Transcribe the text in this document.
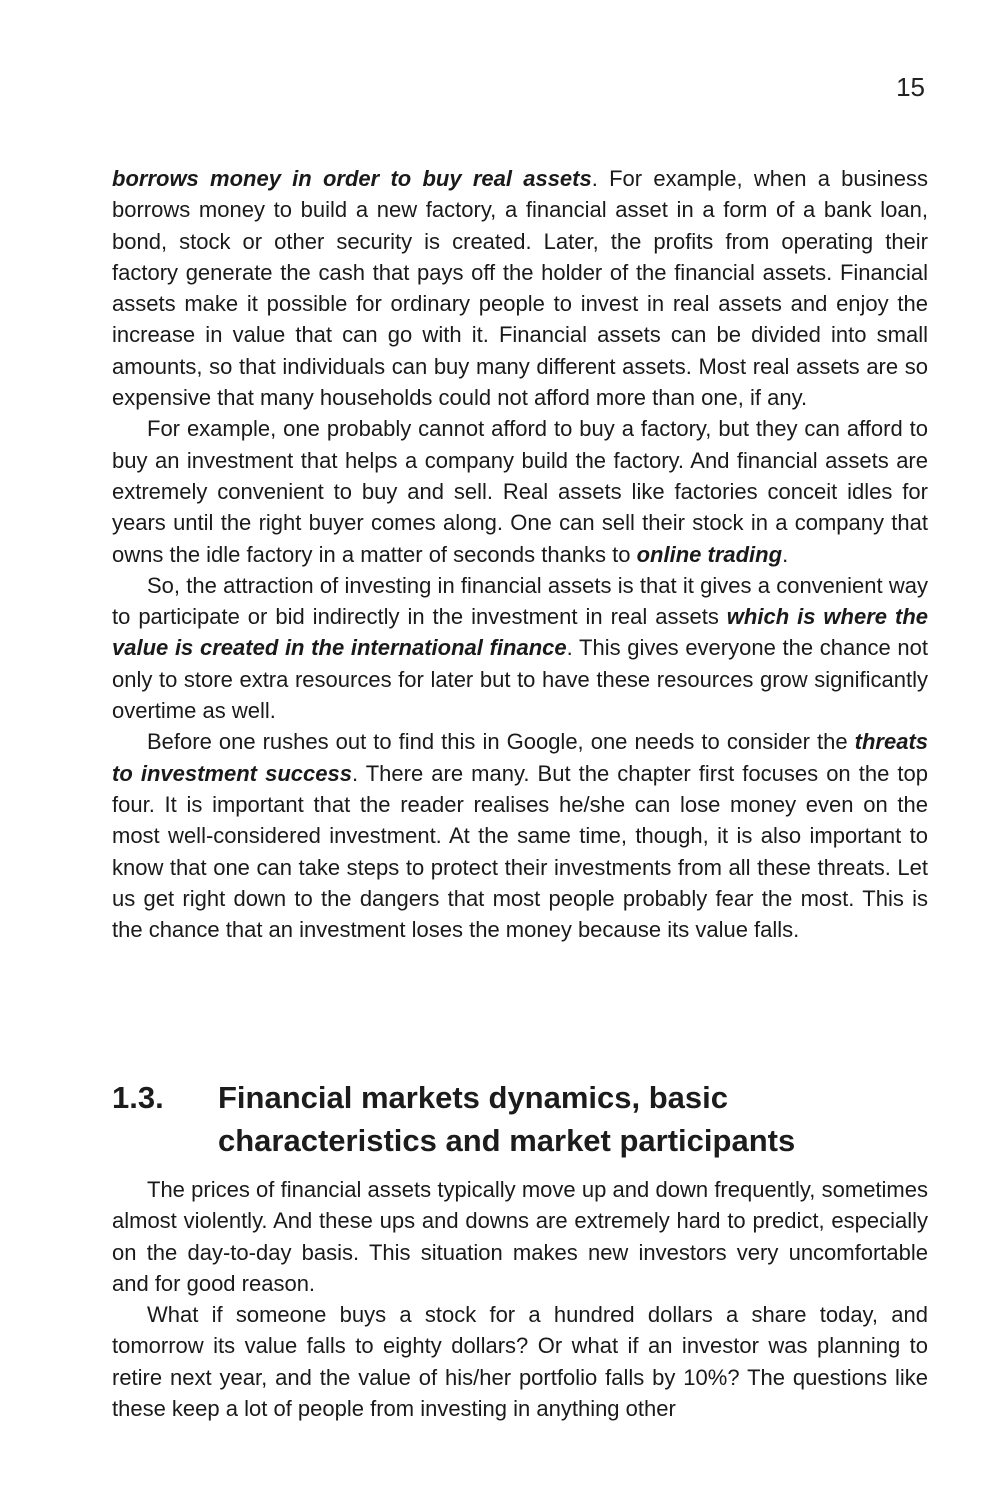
15

borrows money in order to buy real assets. For example, when a business borrows money to build a new factory, a financial asset in a form of a bank loan, bond, stock or other security is created. Later, the profits from operating their factory generate the cash that pays off the holder of the financial assets. Financial assets make it possible for ordinary people to invest in real assets and enjoy the increase in value that can go with it. Financial assets can be divided into small amounts, so that individuals can buy many different assets. Most real assets are so expensive that many households could not afford more than one, if any.

For example, one probably cannot afford to buy a factory, but they can afford to buy an investment that helps a company build the factory. And financial assets are extremely convenient to buy and sell. Real assets like factories conceit idles for years until the right buyer comes along. One can sell their stock in a company that owns the idle factory in a matter of seconds thanks to online trading.

So, the attraction of investing in financial assets is that it gives a convenient way to participate or bid indirectly in the investment in real assets which is where the value is created in the international finance. This gives everyone the chance not only to store extra resources for later but to have these resources grow significantly overtime as well.

Before one rushes out to find this in Google, one needs to consider the threats to investment success. There are many. But the chapter first focuses on the top four. It is important that the reader realises he/she can lose money even on the most well-considered investment. At the same time, though, it is also important to know that one can take steps to protect their investments from all these threats. Let us get right down to the dangers that most people probably fear the most. This is the chance that an investment loses the money because its value falls.

1.3. Financial markets dynamics, basic characteristics and market participants

The prices of financial assets typically move up and down frequently, sometimes almost violently. And these ups and downs are extremely hard to predict, especially on the day-to-day basis. This situation makes new investors very uncomfortable and for good reason.

What if someone buys a stock for a hundred dollars a share today, and tomorrow its value falls to eighty dollars? Or what if an investor was planning to retire next year, and the value of his/her portfolio falls by 10%? The questions like these keep a lot of people from investing in anything other
